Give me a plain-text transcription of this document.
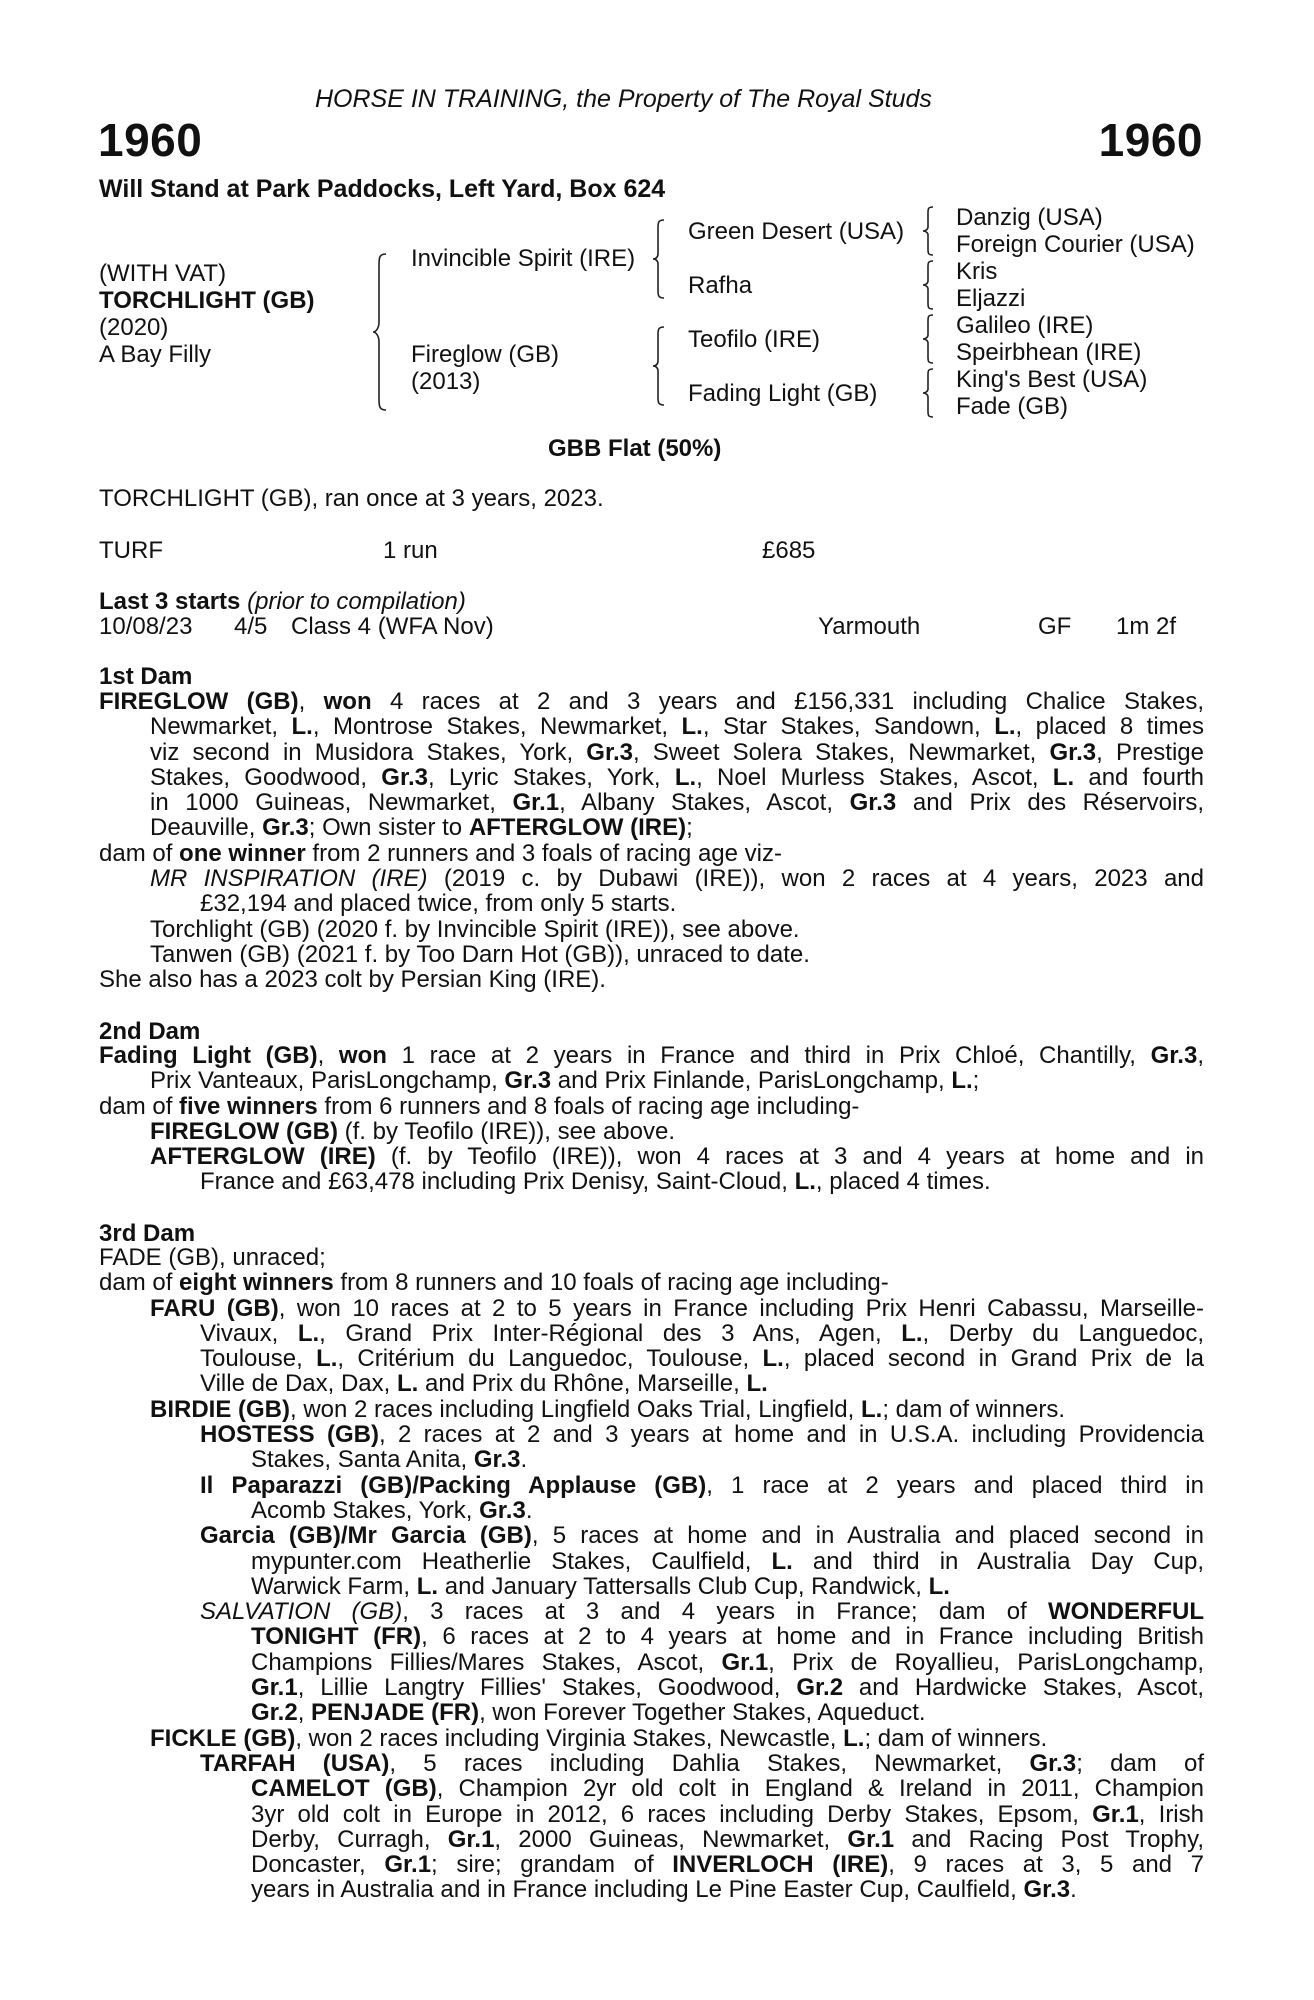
HORSE IN TRAINING, the Property of The Royal Studs
1960	1960
Will Stand at Park Paddocks, Left Yard, Box 624
(WITH VAT)
TORCHLIGHT (GB)
(2020)
A Bay Filly
Invincible Spirit (IRE)
Fireglow (GB)
(2013)
Green Desert (USA)
Rafha
Teofilo (IRE)
Fading Light (GB)
Danzig (USA)
Foreign Courier (USA)
Kris
Eljazzi
Galileo (IRE)
Speirbhean (IRE)
King's Best (USA)
Fade (GB)
GBB Flat (50%)
TORCHLIGHT (GB), ran once at 3 years, 2023.
TURF	1 run	£685
Last 3 starts (prior to compilation)
10/08/23 4/5 Class 4 (WFA Nov)	Yarmouth	GF 1m 2f
1st Dam
FIREGLOW (GB), won 4 races at 2 and 3 years and £156,331 including Chalice Stakes,
Newmarket, L., Montrose Stakes, Newmarket, L., Star Stakes, Sandown, L., placed 8 times
viz second in Musidora Stakes, York, Gr.3, Sweet Solera Stakes, Newmarket, Gr.3, Prestige
Stakes, Goodwood, Gr.3, Lyric Stakes, York, L., Noel Murless Stakes, Ascot, L. and fourth
in 1000 Guineas, Newmarket, Gr.1, Albany Stakes, Ascot, Gr.3 and Prix des Réservoirs,
Deauville, Gr.3; Own sister to AFTERGLOW (IRE);
dam of one winner from 2 runners and 3 foals of racing age viz-
MR INSPIRATION (IRE) (2019 c. by Dubawi (IRE)), won 2 races at 4 years, 2023 and
£32,194 and placed twice, from only 5 starts.
Torchlight (GB) (2020 f. by Invincible Spirit (IRE)), see above.
Tanwen (GB) (2021 f. by Too Darn Hot (GB)), unraced to date.
She also has a 2023 colt by Persian King (IRE).
2nd Dam
Fading Light (GB), won 1 race at 2 years in France and third in Prix Chloé, Chantilly, Gr.3,
Prix Vanteaux, ParisLongchamp, Gr.3 and Prix Finlande, ParisLongchamp, L.;
dam of five winners from 6 runners and 8 foals of racing age including-
FIREGLOW (GB) (f. by Teofilo (IRE)), see above.
AFTERGLOW (IRE) (f. by Teofilo (IRE)), won 4 races at 3 and 4 years at home and in
France and £63,478 including Prix Denisy, Saint-Cloud, L., placed 4 times.
3rd Dam
FADE (GB), unraced;
dam of eight winners from 8 runners and 10 foals of racing age including-
FARU (GB), won 10 races at 2 to 5 years in France including Prix Henri Cabassu, Marseille-
Vivaux, L., Grand Prix Inter-Régional des 3 Ans, Agen, L., Derby du Languedoc,
Toulouse, L., Critérium du Languedoc, Toulouse, L., placed second in Grand Prix de la
Ville de Dax, Dax, L. and Prix du Rhône, Marseille, L.
BIRDIE (GB), won 2 races including Lingfield Oaks Trial, Lingfield, L.; dam of winners.
HOSTESS (GB), 2 races at 2 and 3 years at home and in U.S.A. including Providencia
Stakes, Santa Anita, Gr.3.
Il Paparazzi (GB)/Packing Applause (GB), 1 race at 2 years and placed third in
Acomb Stakes, York, Gr.3.
Garcia (GB)/Mr Garcia (GB), 5 races at home and in Australia and placed second in
mypunter.com Heatherlie Stakes, Caulfield, L. and third in Australia Day Cup,
Warwick Farm, L. and January Tattersalls Club Cup, Randwick, L.
SALVATION (GB), 3 races at 3 and 4 years in France; dam of WONDERFUL
TONIGHT (FR), 6 races at 2 to 4 years at home and in France including British
Champions Fillies/Mares Stakes, Ascot, Gr.1, Prix de Royallieu, ParisLongchamp,
Gr.1, Lillie Langtry Fillies' Stakes, Goodwood, Gr.2 and Hardwicke Stakes, Ascot,
Gr.2, PENJADE (FR), won Forever Together Stakes, Aqueduct.
FICKLE (GB), won 2 races including Virginia Stakes, Newcastle, L.; dam of winners.
TARFAH (USA), 5 races including Dahlia Stakes, Newmarket, Gr.3; dam of
CAMELOT (GB), Champion 2yr old colt in England & Ireland in 2011, Champion
3yr old colt in Europe in 2012, 6 races including Derby Stakes, Epsom, Gr.1, Irish
Derby, Curragh, Gr.1, 2000 Guineas, Newmarket, Gr.1 and Racing Post Trophy,
Doncaster, Gr.1; sire; grandam of INVERLOCH (IRE), 9 races at 3, 5 and 7
years in Australia and in France including Le Pine Easter Cup, Caulfield, Gr.3.
